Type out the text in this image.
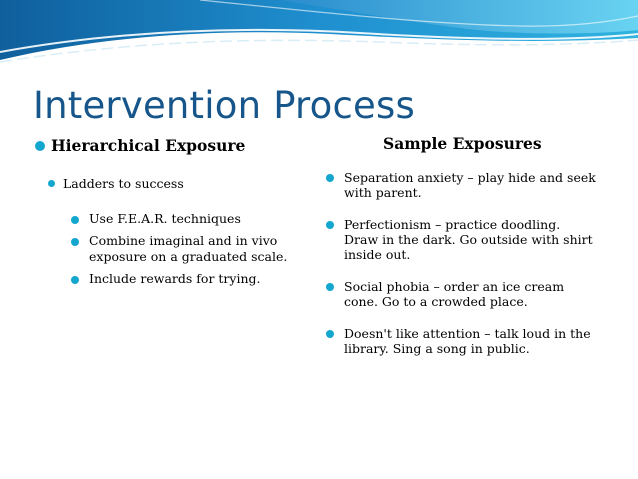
Intervention Process
Hierarchical Exposure
Ladders to success
Use F.E.A.R. techniques
Combine imaginal and in vivo exposure on a graduated scale.
Include rewards for trying.
Sample Exposures
Separation anxiety – play hide and seek with parent.
Perfectionism – practice doodling. Draw in the dark. Go outside with shirt inside out.
Social phobia – order an ice cream cone. Go to a crowded place.
Doesn't like attention – talk loud in the library. Sing a song in public.
